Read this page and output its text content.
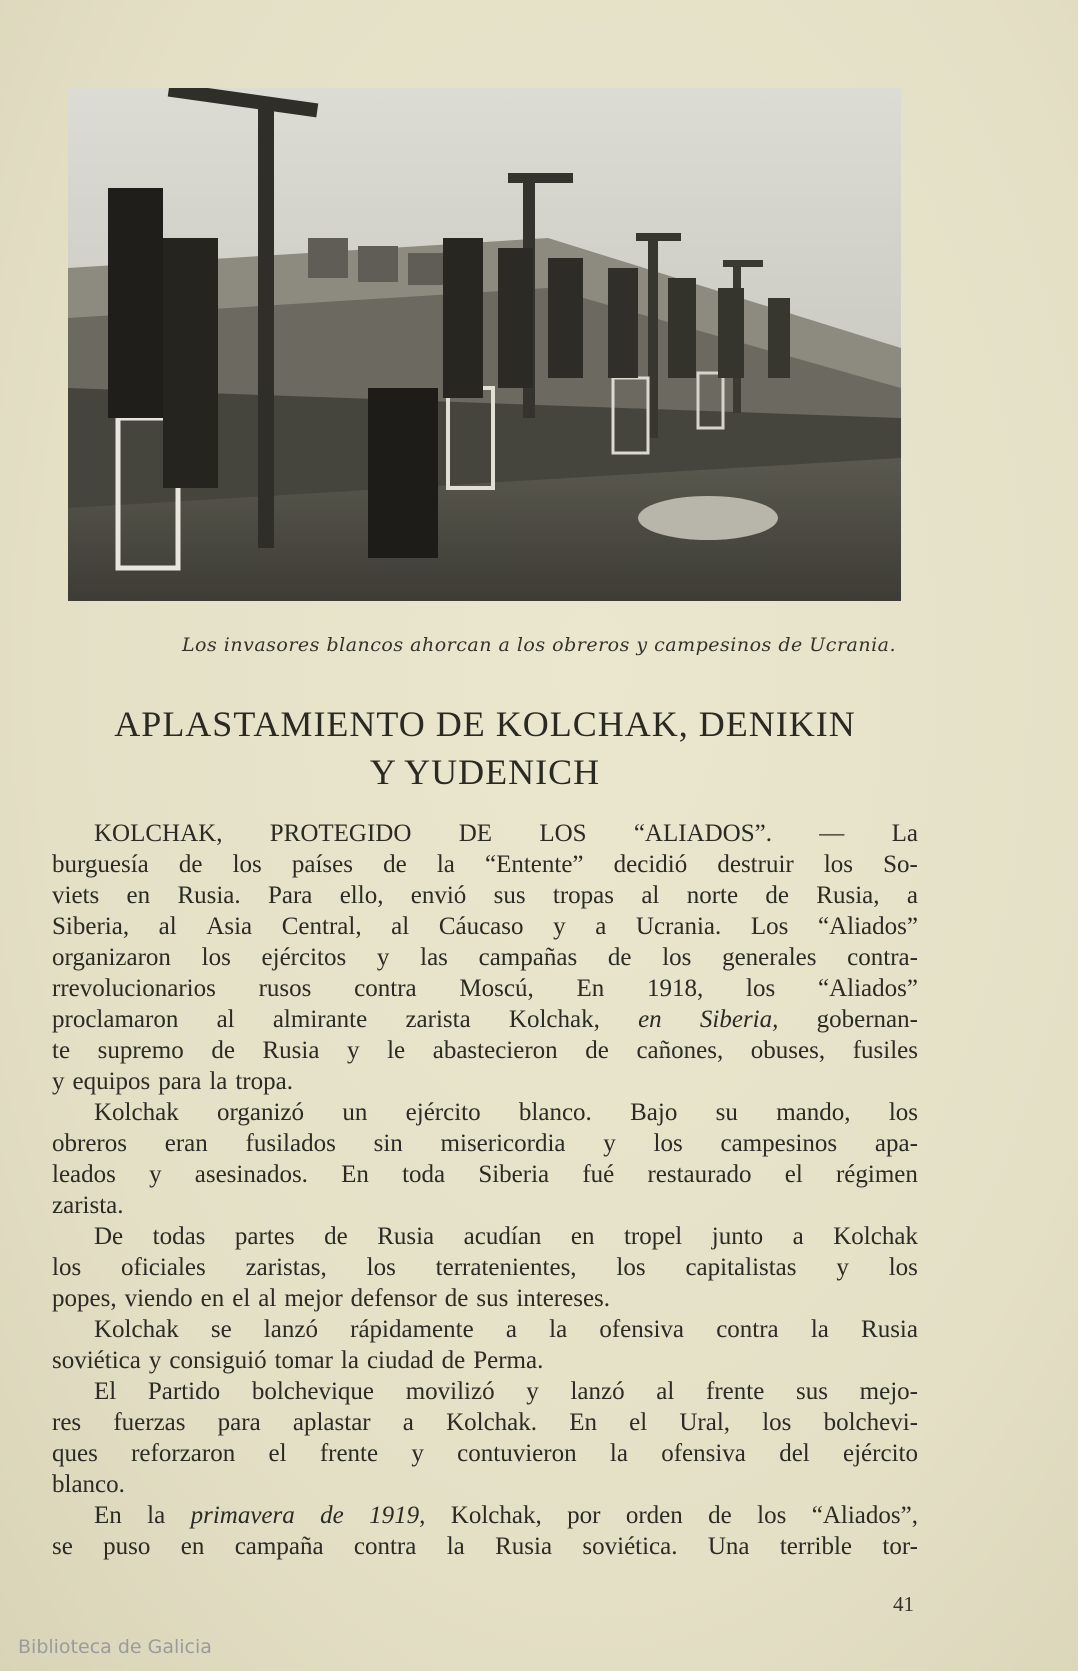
Los invasores blancos ahorcan a los obreros y campesinos de Ucrania.
APLASTAMIENTO DE KOLCHAK, DENIKIN
Y YUDENICH
KOLCHAK, PROTEGIDO DE LOS “ALIADOS”. — La
burguesía de los países de la “Entente” decidió destruir los So-
viets en Rusia. Para ello, envió sus tropas al norte de Rusia, a
Siberia, al Asia Central, al Cáucaso y a Ucrania. Los “Aliados”
organizaron los ejércitos y las campañas de los generales contra-
rrevolucionarios rusos contra Moscú, En 1918, los “Aliados”
proclamaron al almirante zarista Kolchak, en Siberia, gobernan-
te supremo de Rusia y le abastecieron de cañones, obuses, fusiles
y equipos para la tropa.
Kolchak organizó un ejército blanco. Bajo su mando, los
obreros eran fusilados sin misericordia y los campesinos apa-
leados y asesinados. En toda Siberia fué restaurado el régimen
zarista.
De todas partes de Rusia acudían en tropel junto a Kolchak
los oficiales zaristas, los terratenientes, los capitalistas y los
popes, viendo en el al mejor defensor de sus intereses.
Kolchak se lanzó rápidamente a la ofensiva contra la Rusia
soviética y consiguió tomar la ciudad de Perma.
El Partido bolchevique movilizó y lanzó al frente sus mejo-
res fuerzas para aplastar a Kolchak. En el Ural, los bolchevi-
ques reforzaron el frente y contuvieron la ofensiva del ejército
blanco.
En la primavera de 1919, Kolchak, por orden de los “Aliados”,
se puso en campaña contra la Rusia soviética. Una terrible tor-
41
Biblioteca de Galicia
